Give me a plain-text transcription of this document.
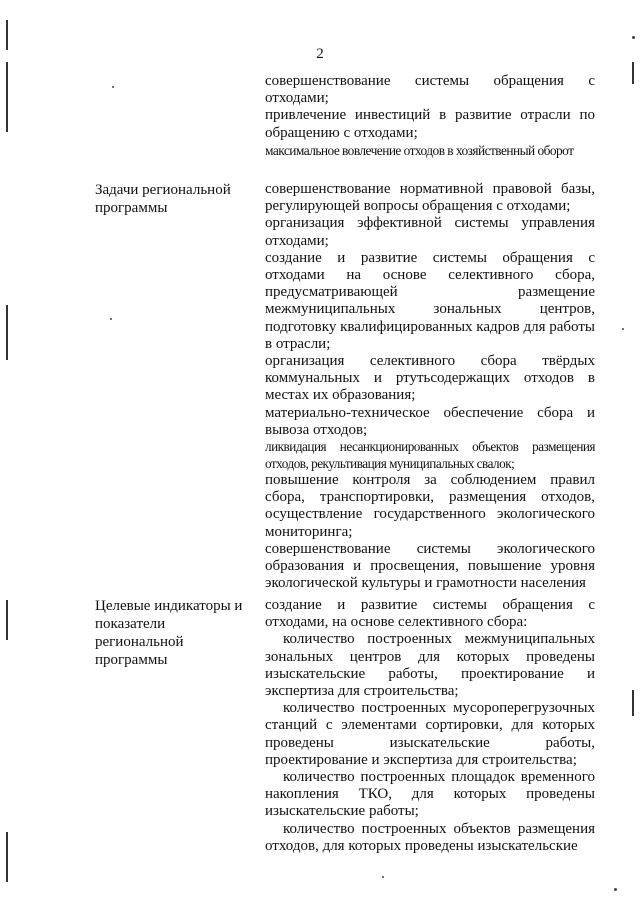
2

совершенствование системы обращения с отходами;

привлечение инвестиций в развитие отрасли по обращению с отходами;

максимальное вовлечение отходов в хозяйственный оборот

Задачи региональной программы

совершенствование нормативной правовой базы, регулирующей вопросы обращения с отходами;

организация эффективной системы управления отходами;

создание и развитие системы обращения с отходами на основе селективного сбора, предусматривающей размещение межмуниципальных зональных центров, подготовку квалифицированных кадров для работы в отрасли;

организация селективного сбора твёрдых коммунальных и ртутьсодержащих отходов в местах их образования;

материально-техническое обеспечение сбора и вывоза отходов;

ликвидация несанкционированных объектов размещения отходов, рекультивация муниципальных свалок;

повышение контроля за соблюдением правил сбора, транспортировки, размещения отходов, осуществление государственного экологического мониторинга;

совершенствование системы экологического образования и просвещения, повышение уровня экологической культуры и грамотности населения

Целевые индикаторы и показатели региональной программы

создание и развитие системы обращения с отходами, на основе селективного сбора:

количество построенных межмуниципальных зональных центров для которых проведены изыскательские работы, проектирование и экспертиза для строительства;

количество построенных мусороперегрузочных станций с элементами сортировки, для которых проведены изыскательские работы, проектирование и экспертиза для строительства;

количество построенных площадок временного накопления ТКО, для которых проведены изыскательские работы;

количество построенных объектов размещения отходов, для которых проведены изыскательские
